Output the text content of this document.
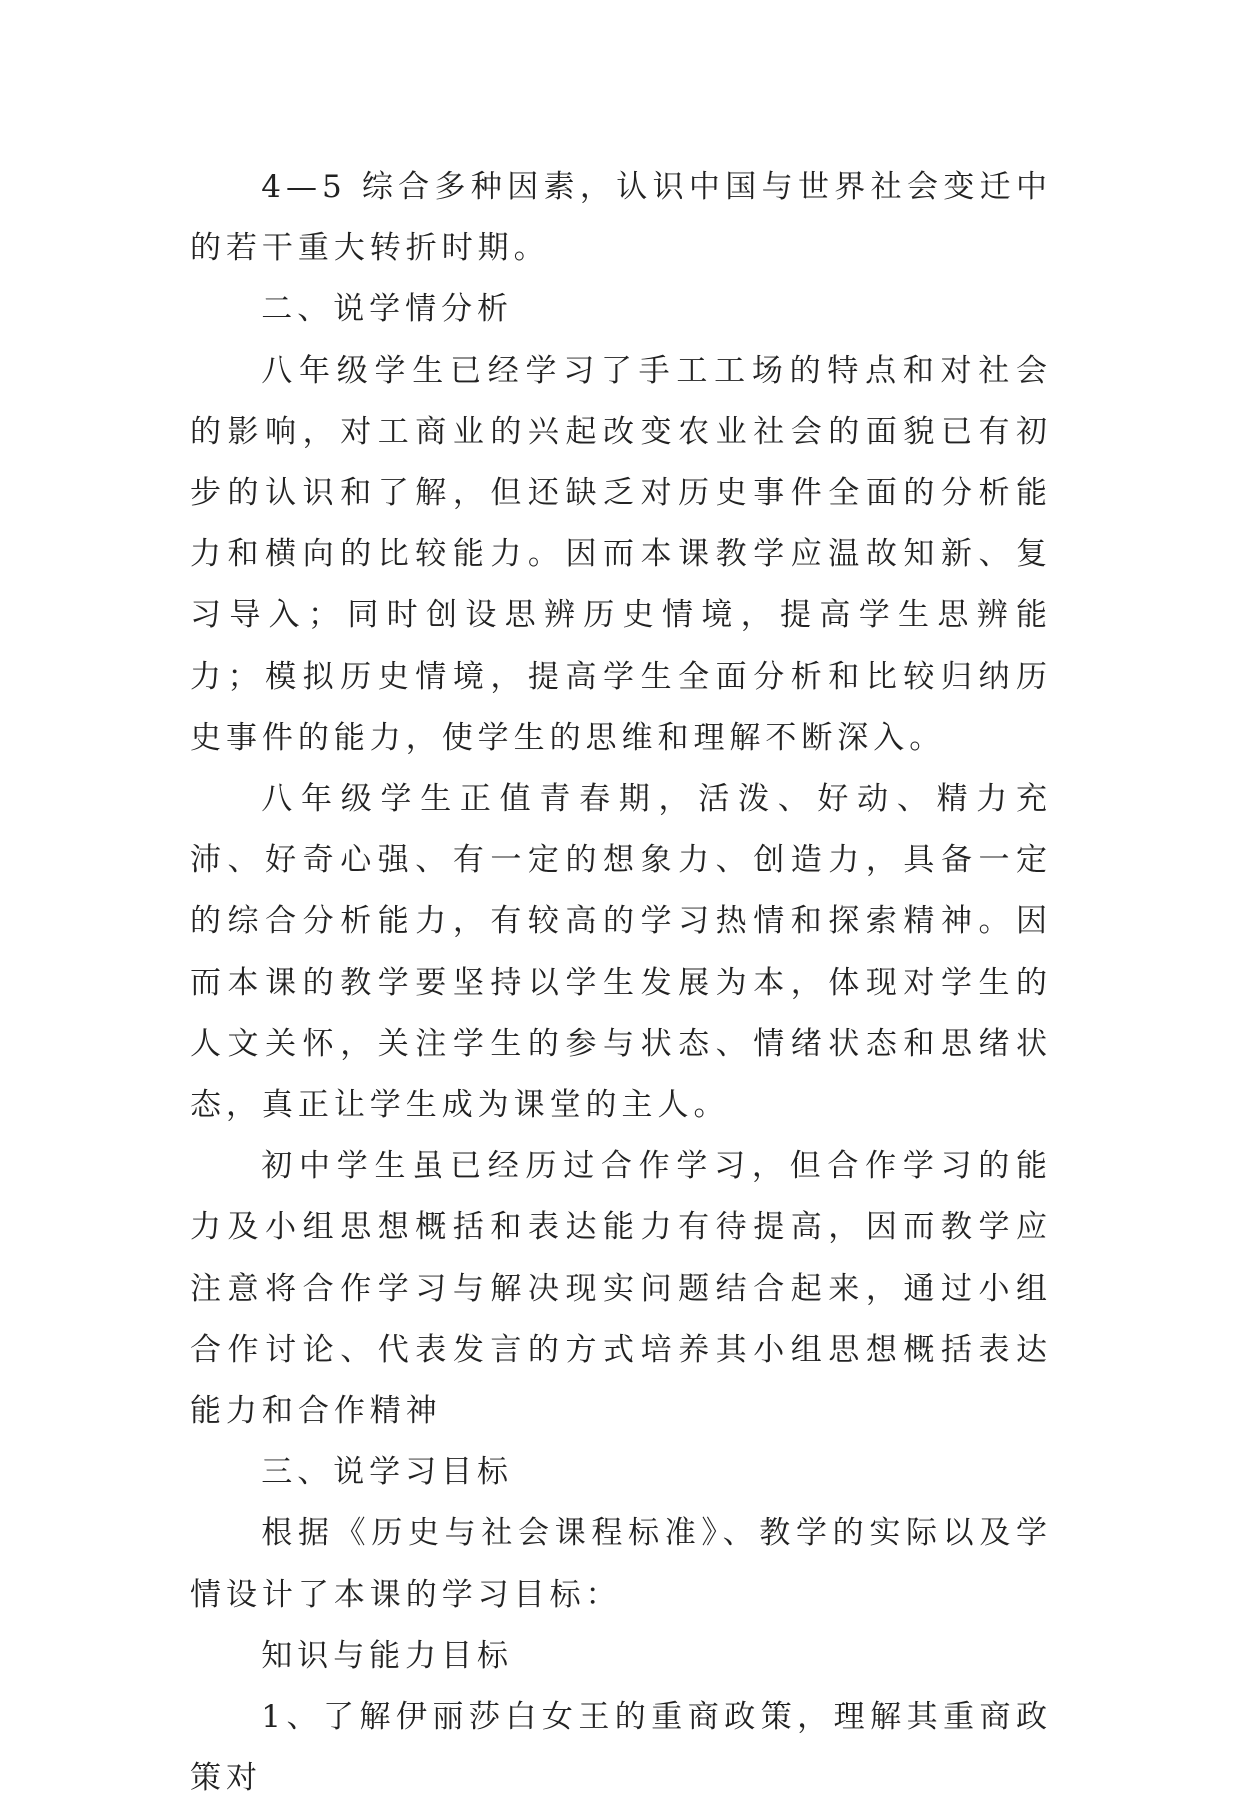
4—5 综合多种因素，认识中国与世界社会变迁中的若干重大转折时期。

二、说学情分析

八年级学生已经学习了手工工场的特点和对社会的影响，对工商业的兴起改变农业社会的面貌已有初步的认识和了解，但还缺乏对历史事件全面的分析能力和横向的比较能力。因而本课教学应温故知新、复习导入；同时创设思辨历史情境，提高学生思辨能力；模拟历史情境，提高学生全面分析和比较归纳历史事件的能力，使学生的思维和理解不断深入。

八年级学生正值青春期，活泼、好动、精力充沛、好奇心强、有一定的想象力、创造力，具备一定的综合分析能力，有较高的学习热情和探索精神。因而本课的教学要坚持以学生发展为本，体现对学生的人文关怀，关注学生的参与状态、情绪状态和思绪状态，真正让学生成为课堂的主人。

初中学生虽已经历过合作学习，但合作学习的能力及小组思想概括和表达能力有待提高，因而教学应注意将合作学习与解决现实问题结合起来，通过小组合作讨论、代表发言的方式培养其小组思想概括表达能力和合作精神

三、说学习目标

根据《历史与社会课程标准》、教学的实际以及学情设计了本课的学习目标：

知识与能力目标

1、了解伊丽莎白女王的重商政策，理解其重商政策对
